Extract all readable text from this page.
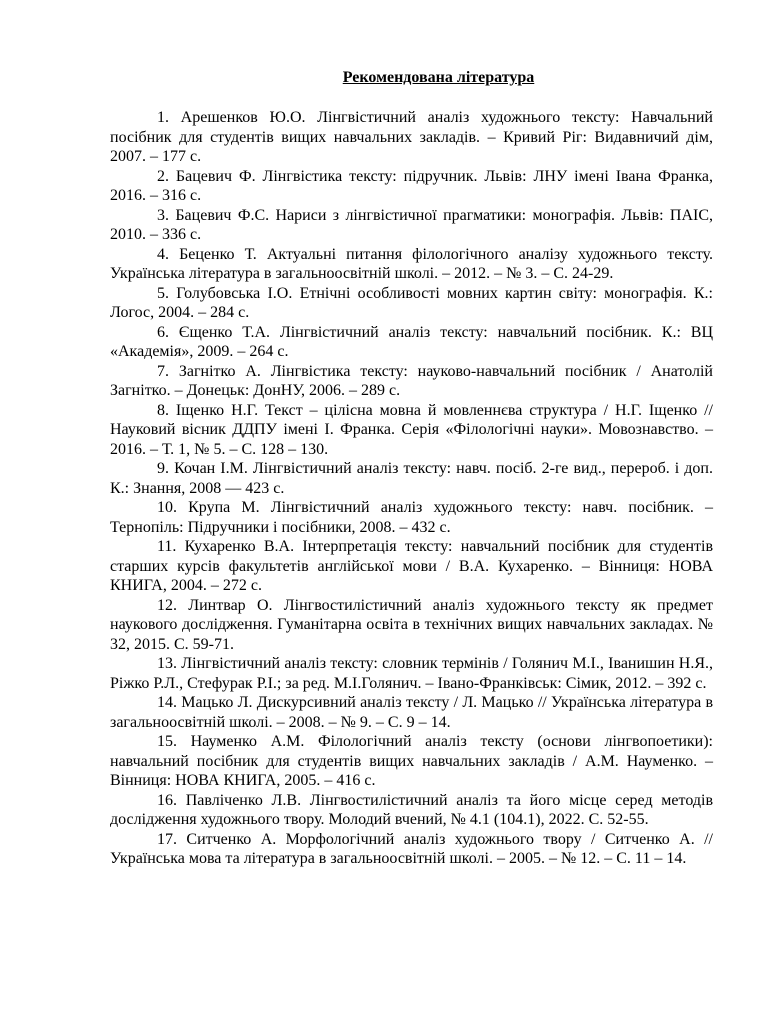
Рекомендована література
1. Арешенков Ю.О. Лінгвістичний аналіз художнього тексту: Навчальний посібник для студентів вищих навчальних закладів. – Кривий Ріг: Видавничий дім, 2007. – 177 с.
2. Бацевич Ф. Лінгвістика тексту: підручник. Львів: ЛНУ імені Івана Франка, 2016. – 316 с.
3. Бацевич Ф.С. Нариси з лінгвістичної прагматики: монографія. Львів: ПАІС, 2010. – 336 с.
4. Беценко Т. Актуальні питання філологічного аналізу художнього тексту. Українська література в загальноосвітній школі. – 2012. – № 3. – С. 24-29.
5. Голубовська І.О. Етнічні особливості мовних картин світу: монографія. К.: Логос, 2004. – 284 с.
6. Єщенко Т.А. Лінгвістичний аналіз тексту: навчальний посібник. К.: ВЦ «Академія», 2009. – 264 с.
7. Загнітко А. Лінгвістика тексту: науково-навчальний посібник / Анатолій Загнітко. – Донецьк: ДонНУ, 2006. – 289 с.
8. Іщенко Н.Г. Текст – цілісна мовна й мовленнєва структура / Н.Г. Іщенко // Науковий вісник ДДПУ імені І. Франка. Серія «Філологічні науки». Мовознавство. – 2016. – Т. 1, № 5. – С. 128 – 130.
9. Кочан І.М. Лінгвістичний аналіз тексту: навч. посіб. 2-ге вид., перероб. і доп. К.: Знання, 2008 — 423 с.
10. Крупа М. Лінгвістичний аналіз художнього тексту: навч. посібник. – Тернопіль: Підручники і посібники, 2008. – 432 с.
11. Кухаренко В.А. Інтерпретація тексту: навчальний посібник для студентів старших курсів факультетів англійської мови / В.А. Кухаренко. – Вінниця: НОВА КНИГА, 2004. – 272 с.
12. Линтвар О. Лінгвостилістичний аналіз художнього тексту як предмет наукового дослідження. Гуманітарна освіта в технічних вищих навчальних закладах. № 32, 2015. С. 59-71.
13. Лінгвістичний аналіз тексту: словник термінів / Голянич М.І., Іванишин Н.Я., Ріжко Р.Л., Стефурак Р.І.; за ред. М.І.Голянич. – Івано-Франківськ: Сімик, 2012. – 392 с.
14. Мацько Л. Дискурсивний аналіз тексту / Л. Мацько // Українська література в загальноосвітній школі. – 2008. – № 9. – С. 9 – 14.
15. Науменко А.М. Філологічний аналіз тексту (основи лінгвопоетики): навчальний посібник для студентів вищих навчальних закладів / А.М. Науменко. – Вінниця: НОВА КНИГА, 2005. – 416 с.
16. Павліченко Л.В. Лінгвостилістичний аналіз та його місце серед методів дослідження художнього твору. Молодий вчений, № 4.1 (104.1), 2022. С. 52-55.
17. Ситченко А. Морфологічний аналіз художнього твору / Ситченко А. // Українська мова та література в загальноосвітній школі. – 2005. – № 12. – С. 11 – 14.
